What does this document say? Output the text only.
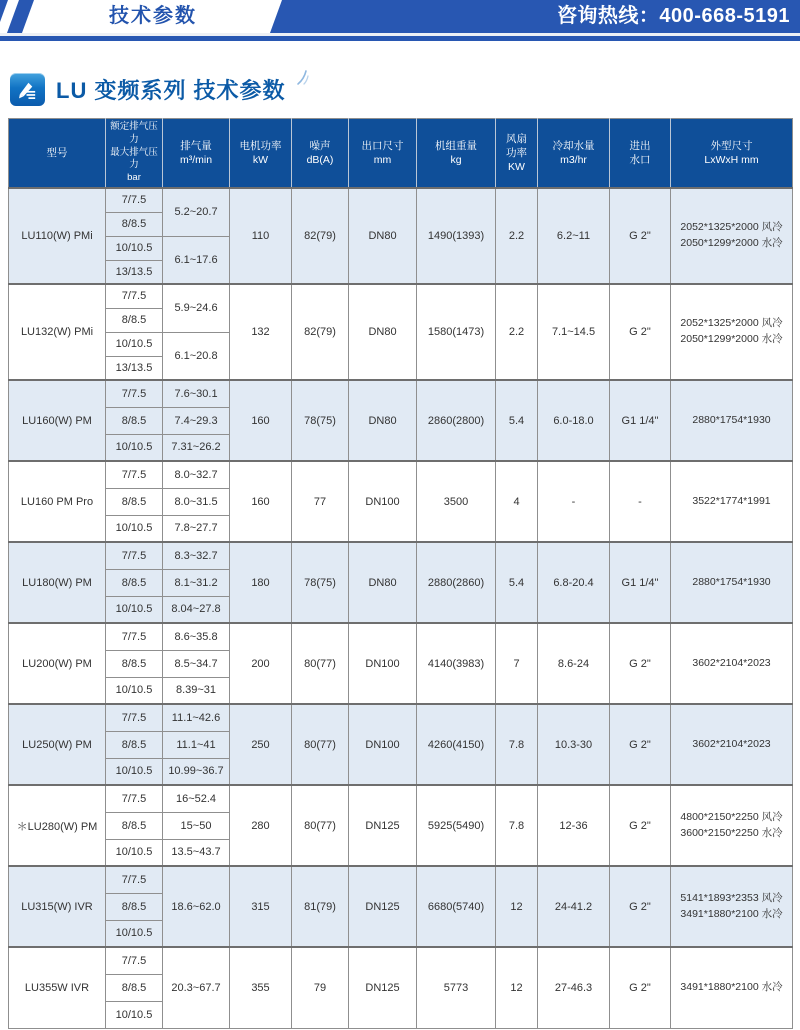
技术参数	咨询热线：400-668-5191
LU 变频系列 技术参数
型号

额定排气压力
最大排气压力
bar

排气量
m³/min

电机功率
kW

噪声
dB(A)

出口尺寸
mm

机组重量
kg

风扇
功率
KW

冷却水量
m3/hr

进出
水口

外型尺寸
LxWxH mm

LU110(W) PMi	7/7.5	5.2~20.7	110	82(79)	DN80	1490(1393)	2.2	6.2~11	G 2"	2052*1325*2000 风冷
2050*1299*2000 水冷

	8/8.5									
	10/10.5	6.1~17.6								
	13/13.5									
LU132(W) PMi	7/7.5	5.9~24.6	132	82(79)	DN80	1580(1473)	2.2	7.1~14.5	G 2"	2052*1325*2000 风冷
2050*1299*2000 水冷

	8/8.5									
	10/10.5	6.1~20.8								
	13/13.5									
LU160(W) PM	7/7.5	7.6~30.1	160	78(75)	DN80	2860(2800)	5.4	6.0-18.0	G1 1/4"	2880*1754*1930

	8/8.5	7.4~29.3								
	10/10.5	7.31~26.2								
LU160 PM Pro	7/7.5	8.0~32.7	160	77	DN100	3500	4	-	-	3522*1774*1991

	8/8.5	8.0~31.5								
	10/10.5	7.8~27.7								
LU180(W) PM	7/7.5	8.3~32.7	180	78(75)	DN80	2880(2860)	5.4	6.8-20.4	G1 1/4"	2880*1754*1930

	8/8.5	8.1~31.2								
	10/10.5	8.04~27.8								
LU200(W) PM	7/7.5	8.6~35.8	200	80(77)	DN100	4140(3983)	7	8.6-24	G 2"	3602*2104*2023

	8/8.5	8.5~34.7								
	10/10.5	8.39~31								
LU250(W) PM	7/7.5	11.1~42.6	250	80(77)	DN100	4260(4150)	7.8	10.3-30	G 2"	3602*2104*2023

	8/8.5	11.1~41								
	10/10.5	10.99~36.7								
＊LU280(W) PM	7/7.5	16~52.4	280	80(77)	DN125	5925(5490)	7.8	12-36	G 2"	4800*2150*2250 风冷
3600*2150*2250 水冷

	8/8.5	15~50								
	10/10.5	13.5~43.7								
LU315(W) IVR	7/7.5	18.6~62.0	315	81(79)	DN125	6680(5740)	12	24-41.2	G 2"	5141*1893*2353 风冷
3491*1880*2100 水冷

	8/8.5									
	10/10.5									
LU355W IVR	7/7.5	20.3~67.7	355	79	DN125	5773	12	27-46.3	G 2"	3491*1880*2100 水冷

	8/8.5									
	10/10.5									
